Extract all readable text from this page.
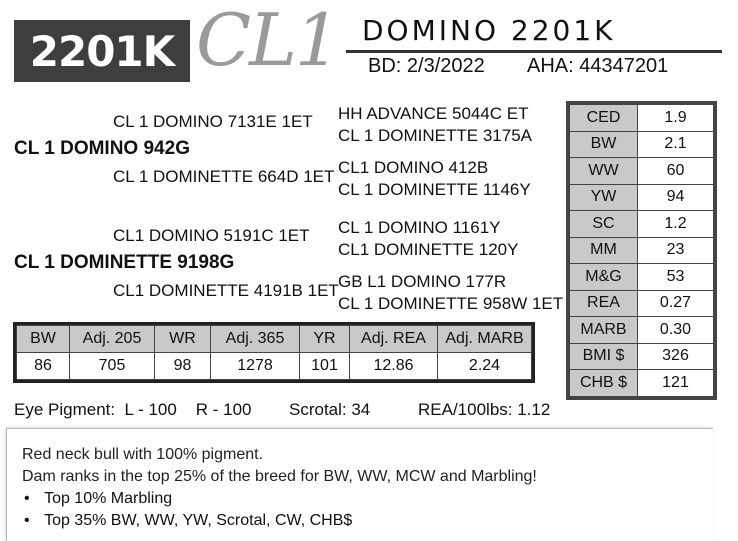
2201K CL1 DOMINO 2201K
BD: 2/3/2022 AHA: 44347201
CL 1 DOMINO 7131E 1ET
CL 1 DOMINO 942G
CL 1 DOMINETTE 664D 1ET
HH ADVANCE 5044C ET
CL 1 DOMINETTE 3175A
CL1 DOMINO 412B
CL 1 DOMINETTE 1146Y
CL1 DOMINO 5191C 1ET
CL 1 DOMINETTE 9198G
CL1 DOMINETTE 4191B 1ET
CL 1 DOMINO 1161Y
CL1 DOMINETTE 120Y
GB L1 DOMINO 177R
CL 1 DOMINETTE 958W 1ET
CED	1.9
BW	2.1
WW	60
YW	94
SC	1.2
MM	23
M&G	53
REA	0.27
MARB	0.30
BMI $	326
CHB $	121
BW	Adj. 205	WR	Adj. 365	YR	Adj. REA	Adj. MARB
86	705	98	1278	101	12.86	2.24
Eye Pigment:  L - 100    R - 100 Scrotal: 34	REA/100lbs: 1.12
Red neck bull with 100% pigment.
Dam ranks in the top 25% of the breed for BW, WW, MCW and Marbling!
• Top 10% Marbling
• Top 35% BW, WW, YW, Scrotal, CW, CHB$
